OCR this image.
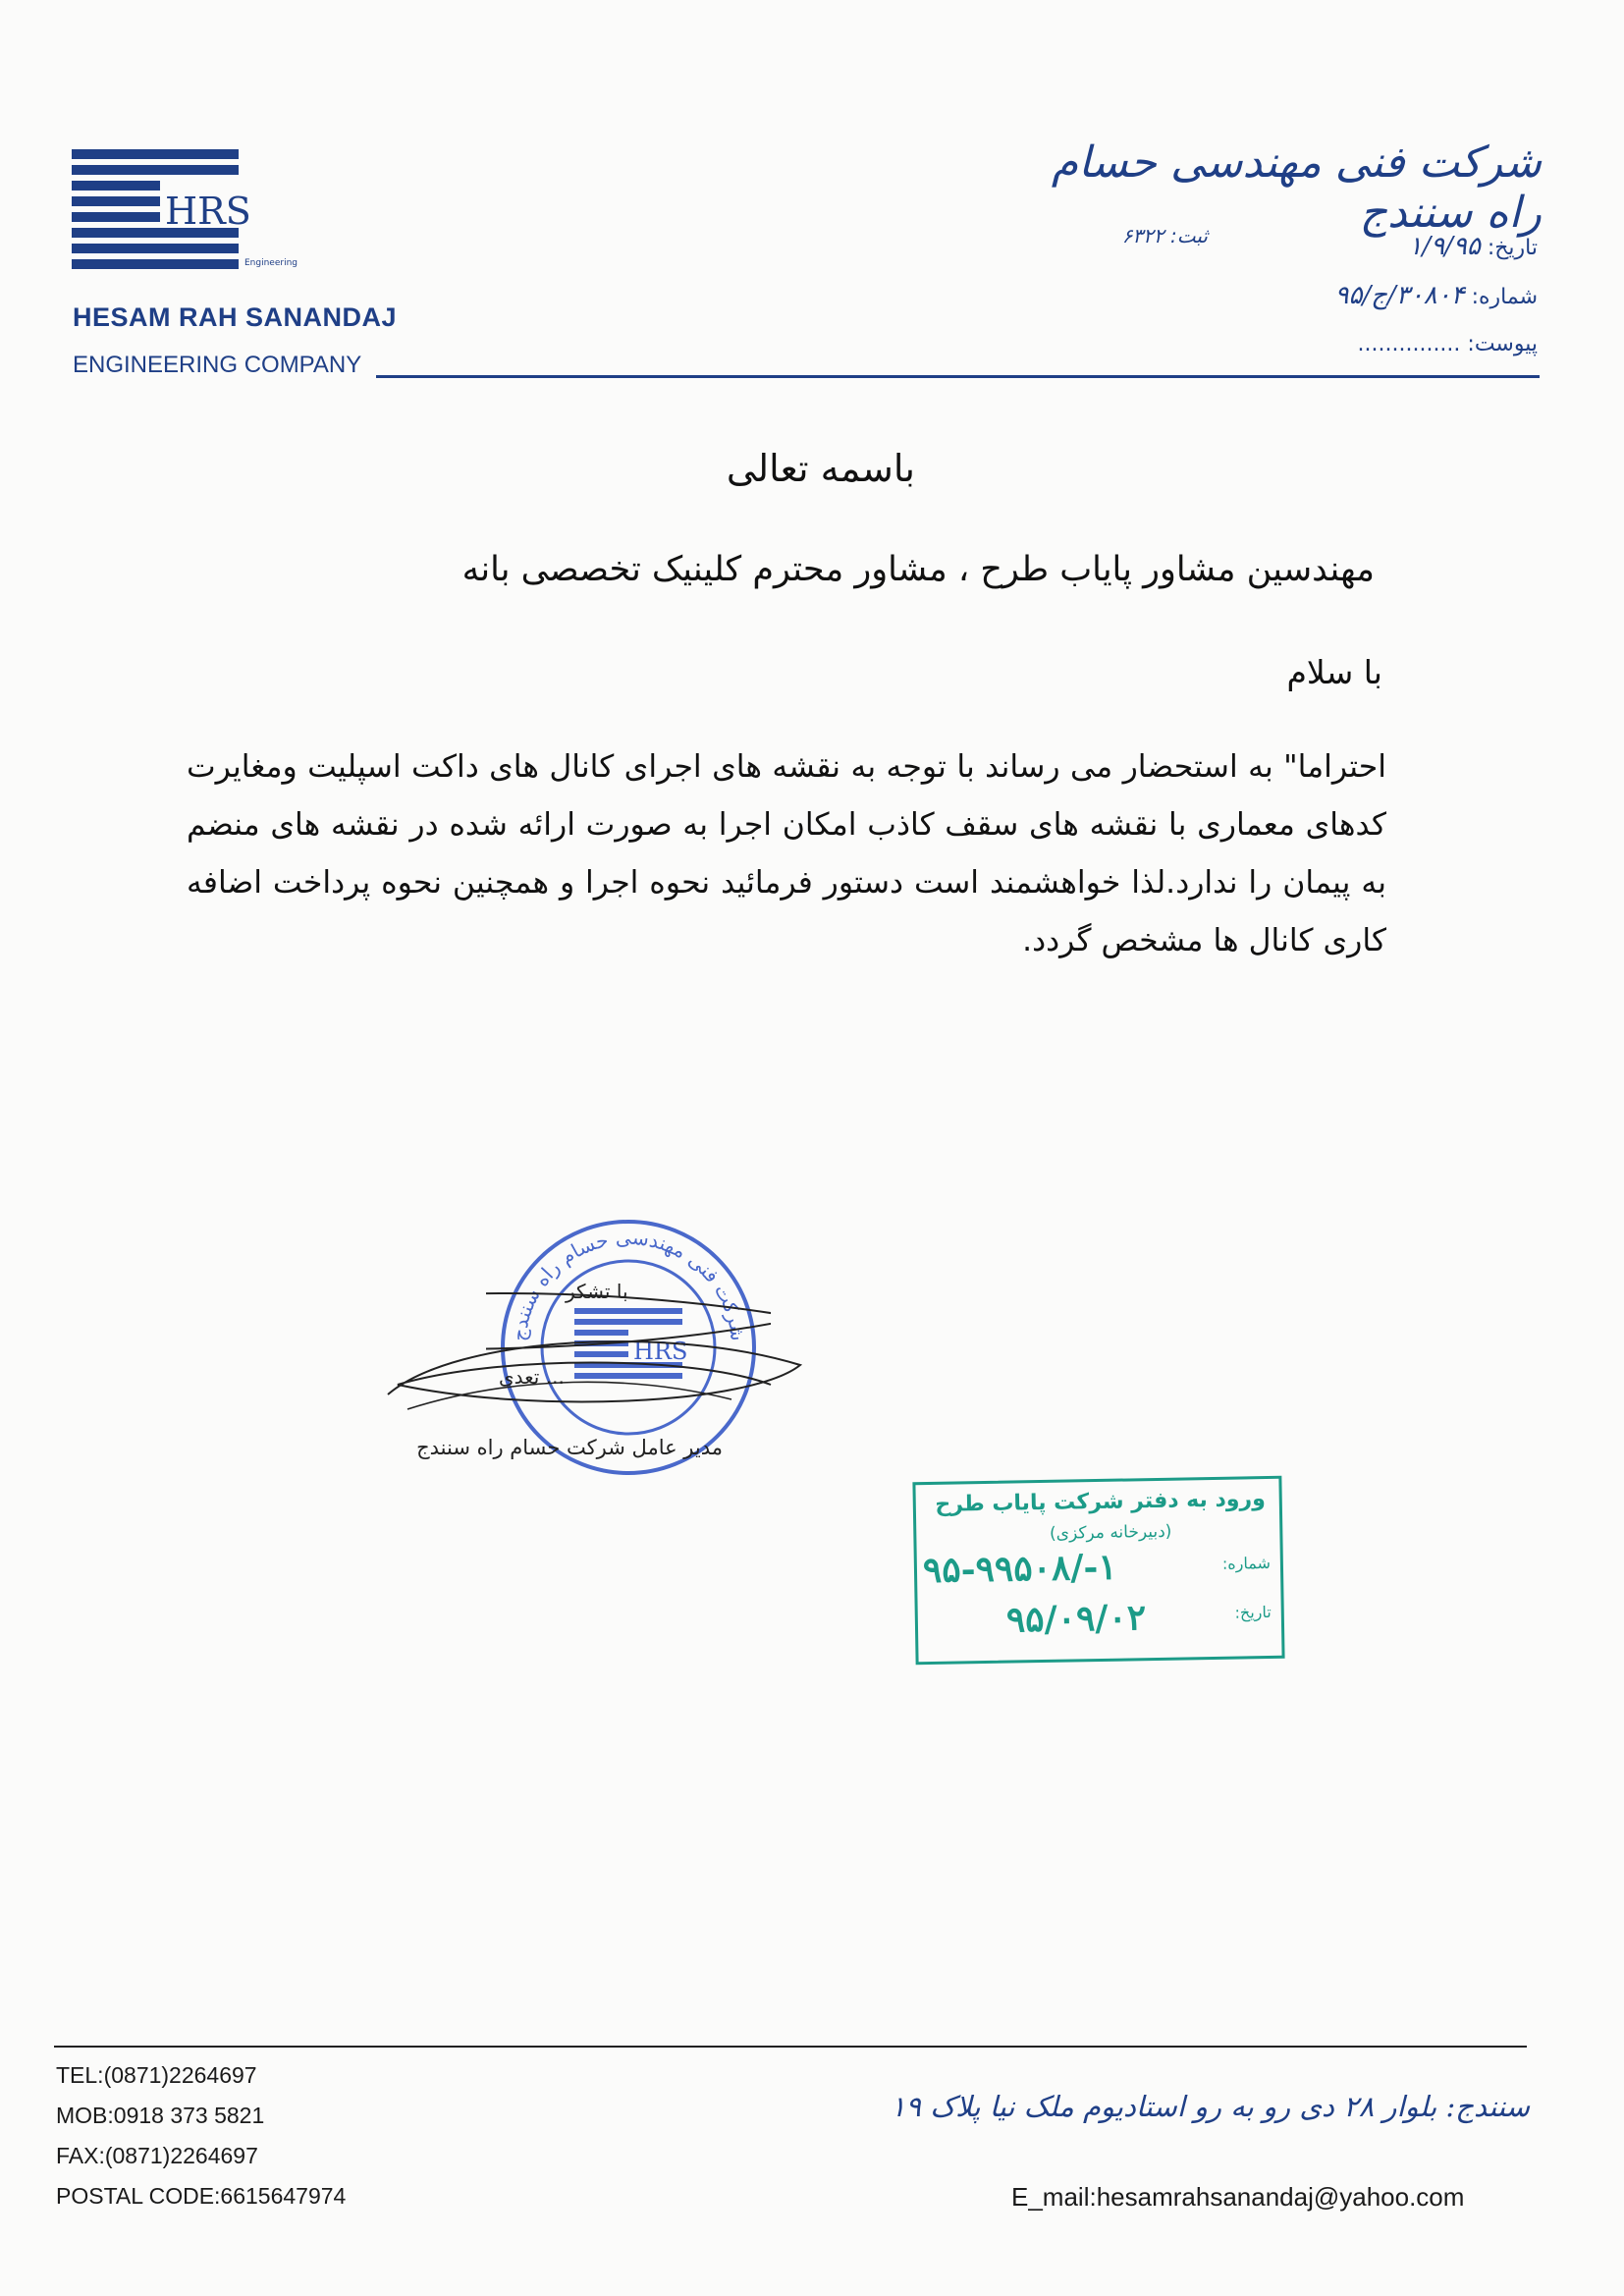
HRS
Engineering
HESAM RAH SANANDAJ
ENGINEERING COMPANY
شرکت فنی مهندسی حسام راه سنندج
ثبت: ۶۳۲۲	تاریخ: ۱/۹/۹۵
شماره: ۳۰۸۰۴/ج/۹۵
پیوست: ...............
باسمه تعالی
مهندسین مشاور پایاب طرح ، مشاور محترم کلینیک تخصصی بانه
با سلام
احتراما" به استحضار می رساند با توجه به نقشه های اجرای کانال های داکت اسپلیت ومغایرت کدهای معماری با نقشه های سقف کاذب امکان اجرا به صورت ارائه شده در نقشه های منضم به پیمان را ندارد.لذا خواهشمند است دستور فرمائید نحوه اجرا و همچنین نحوه پرداخت اضافه کاری کانال ها مشخص گردد.
شرکت فنی مهندسی حسام راه سنندج
HRS
با تشکر
... تعدی
مدیر عامل شرکت حسام راه سنندج
ورود به دفتر شرکت پایاب طرح
(دبیرخانه مرکزی)
شماره:
۱-/۹۵-۹۹۵۰۸
تاریخ:
۹۵/۰۹/۰۲
TEL:(0871)2264697
MOB:0918 373 5821
FAX:(0871)2264697
POSTAL CODE:6615647974
سنندج: بلوار ۲۸ دی رو به رو استادیوم ملک نیا پلاک ۱۹
E_mail:hesamrahsanandaj@yahoo.com
